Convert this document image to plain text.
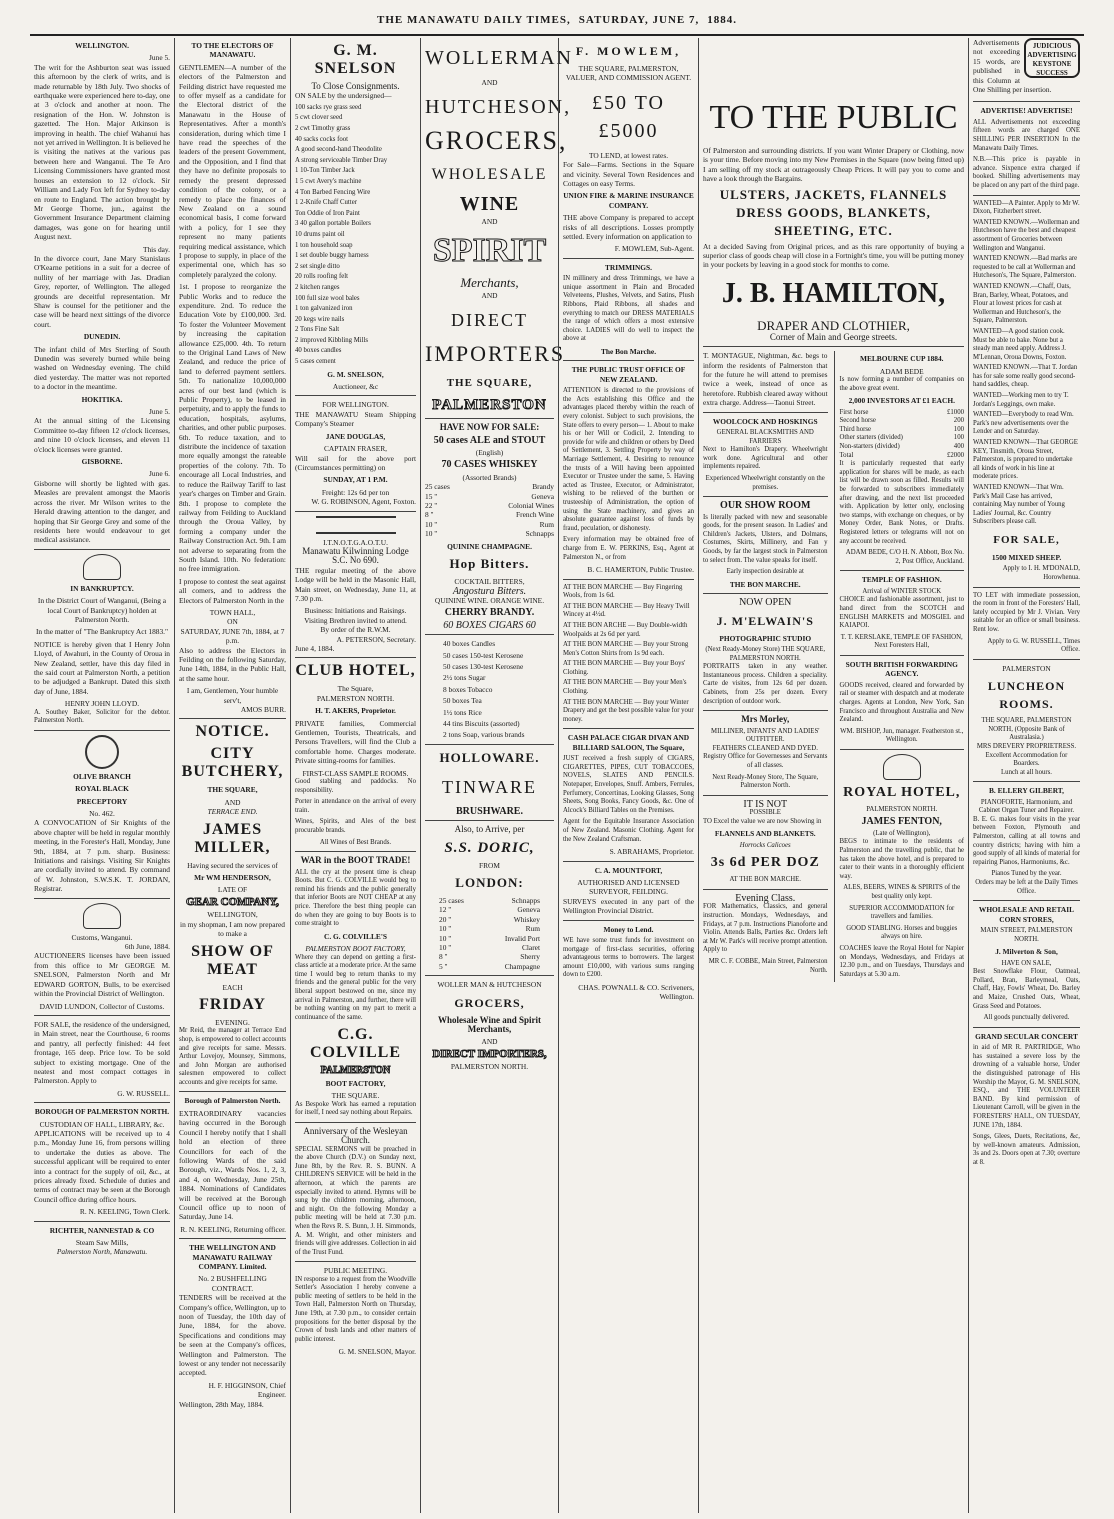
THE MANAWATU DAILY TIMES, SATURDAY, JUNE 7, 1884.
WELLINGTON.
June 5.

The writ for the Ashburton seat was issued this afternoon by the clerk of writs, and is made returnable by 18th July. Two shocks of earthquake were experienced here to-day, one at 3 o'clock and another at noon. The resignation of the Hon. W. Johnston is gazetted. The Hon. Major Atkinson is improving in health. The chief Wahanui has not yet arrived in Wellington. It is believed he is visiting the natives at the various pas between here and Wanganui. The Te Aro Licensing Commissioners have granted most houses an extension to 12 o'clock. Sir William and Lady Fox left for Sydney to-day en route to England. The action brought by Mr George Thorne, jun., against the Government Insurance Department claiming damages, was gone on for hearing until August next.

This day.

In the divorce court, Jane Mary Stanislaus O'Kearne petitions in a suit for a decree of nullity of her marriage with Jas. Dradian Grey, reporter, of Wellington. The alleged grounds are deceitful representation. Mr Shaw is counsel for the petitioner and the case will be heard next sittings of the divorce court.

DUNEDIN.

The infant child of Mrs Sterling of South Dunedin was severely burned while being washed on Wednesday evening. The child died yesterday. The matter was not reported to a doctor in the meantime.

HOKITIKA.
June 5.

At the annual sitting of the Licensing Committee to-day fifteen 12 o'clock licenses, and nine 10 o'clock licenses, and eleven 11 o'clock licenses were granted.

GISBORNE.
June 6.

Gisborne will shortly be lighted with gas. Measles are prevalent amongst the Maoris across the river. Mr Wilson writes to the Herald drawing attention to the danger, and hoping that Sir George Grey and some of the residents here would endeavour to get medical assistance.

IN BANKRUPTCY.

In the District Court of Wanganui, (Being a local Court of Bankruptcy) holden at Palmerston North.

In the matter of "The Bankruptcy Act 1883."

NOTICE is hereby given that I Henry John Lloyd, of Awahuri, in the County of Oroua in New Zealand, settler, have this day filed in the said court at Palmerston North, a petition to be adjudged a Bankrupt. Dated this sixth day of June, 1884.

HENRY JOHN LLOYD.

A. Southey Baker, Solicitor for the debtor. Palmerston North.

OLIVE BRANCH
ROYAL BLACK
PRECEPTORY
No. 462.

A CONVOCATION of Sir Knights of the above chapter will be held in regular monthly meeting, in the Forester's Hall, Monday, June 9th, 1884, at 7 p.m. sharp. Business: Initiations and raisings. Visiting Sir Knights are cordially invited to attend. By command of W. Johnston, S.W.S.K. T. JORDAN, Registrar.

Customs, Wanganui.
6th June, 1884.

AUCTIONEERS licenses have been issued from this office to Mr GEORGE M. SNELSON, Palmerston North and Mr EDWARD GORTON, Bulls, to be exercised within the Provincial District of Wellington.

DAVID LUNDON, Collector of Customs.

FOR SALE, the residence of the undersigned, in Main street, near the Courthouse, 6 rooms and pantry, all perfectly finished: 44 feet frontage, 165 deep. Price low. To be sold subject to existing mortgage. One of the neatest and most compact cottages in Palmerston. Apply to

G. W. RUSSELL.
BOROUGH OF PALMERSTON NORTH.
CUSTODIAN OF HALL, LIBRARY, &c.

APPLICATIONS will be received up to 4 p.m., Monday June 16, from persons willing to undertake the duties as above. The successful applicant will be required to enter into a contract for the supply of oil, &c., at prices already fixed. Schedule of duties and terms of contract may be seen at the Borough Council office during office hours.

R. N. KEELING, Town Clerk.
RICHTER, NANNESTAD & CO
Steam Saw Mills,
Palmerston North, Manawatu.
TO THE ELECTORS OF MANAWATU.

GENTLEMEN—A number of the electors of the Palmerston and Feilding district have requested me to offer myself as a candidate for the Electoral district of the Manawatu in the House of Representatives. After a month's consideration, during which time I have read the speeches of the leaders of the present Government, and the Opposition, and I find that they have no definite proposals to remedy the present depressed condition of the colony, or a remedy to place the finances of New Zealand on a sound economical basis, I come forward with a policy, for I see they represent no many patients requiring medical assistance, which I propose to supply, in place of the experimental one, which has so completely paralyzed the colony.

1st. I propose to reorganize the Public Works and to reduce the expenditure. 2nd. To reduce the Education Vote by £100,000. 3rd. To foster the Volunteer Movement by increasing the capitation allowance £25,000. 4th. To return to the Original Land Laws of New Zealand, and reduce the price of land to deferred payment settlers. 5th. To nationalize 10,000,000 acres of our best land (which is Public Property), to be leased in perpetuity, and to apply the funds to education, hospitals, asylums, charities, and other public purposes. 6th. To reduce taxation, and to distribute the incidence of taxation more equally amongst the rateable properties of the colony. 7th. To encourage all Local Industries, and to reduce the Railway Tariff to last year's charges on Timber and Grain. 8th. I propose to complete the railway from Feilding to Auckland through the Oroua Valley, by forming a company under the Railway Construction Act. 9th. I am not adverse to separating from the South Island. 10th. No federation: no free immigration.

I propose to contest the seat against all comers, and to address the Electors of Palmerston North in the

TOWN HALL,
ON
SATURDAY, JUNE 7th, 1884, at 7 p.m.

Also to address the Electors in Feilding on the following Saturday, June 14th, 1884, in the Public Hall, at the same hour.

I am, Gentlemen, Your humble serv't,
AMOS BURR.
NOTICE.
CITY BUTCHERY,
THE SQUARE,
AND
TERRACE END.
JAMES MILLER,
Having secured the services of
Mr WM HENDERSON,
LATE OF
GEAR COMPANY,
WELLINGTON,
in my shopman, I am now prepared to make a
SHOW OF MEAT
EACH
FRIDAY
EVENING.

Mr Reid, the manager at Terrace End shop, is empowered to collect accounts and give receipts for same. Messrs. Arthur Lovejoy, Mounsey, Simmons, and John Morgan are authorised salesmen empowered to collect accounts and give receipts for same.

Borough of Palmerston North.

EXTRAORDINARY vacancies having occurred in the Borough Council I hereby notify that I shall hold an election of three Councillors for each of the following Wards of the said Borough, viz., Wards Nos. 1, 2, 3, and 4, on Wednesday, June 25th, 1884. Nominations of Candidates will be received at the Borough Council office up to noon of Saturday, June 14.

R. N. KEELING, Returning officer.
THE WELLINGTON AND MANAWATU RAILWAY COMPANY. Limited.
No. 2 BUSHFELLING CONTRACT.

TENDERS will be received at the Company's office, Wellington, up to noon of Tuesday, the 10th day of June, 1884, for the above. Specifications and conditions may be seen at the Company's offices, Wellington and Palmerston. The lowest or any tender not necessarily accepted.

H. F. HIGGINSON, Chief Engineer.
Wellington, 28th May, 1884.
G. M. SNELSON
To Close Consignments.

ON SALE by the undersigned—

100 sacks rye grass seed
5 cwt clover seed
2 cwt Timothy grass
40 sacks cocks foot
A good second-hand Theodolite
A strong serviceable Timber Dray
1 10-Ton Timber Jack
1 5 cwt Avery's machine
4 Ton Barbed Fencing Wire
1 2-Knife Chaff Cutter
Ton Oddie of Iron Paint
3 40 gallon portable Boilers
10 drums paint oil
1 ton household soap
1 set double buggy harness
2 set single ditto
20 rolls roofing felt
2 kitchen ranges
100 full size wool bales
1 ton galvanized iron
20 kegs wire nails
2 Tons Fine Salt
2 improved Kibbling Mills
40 boxes candles
5 cases cement
G. M. SNELSON,
Auctioneer, &c
FOR WELLINGTON.

THE MANAWATU Steam Shipping Company's Steamer

JANE DOUGLAS,
CAPTAIN FRASER,

Will sail for the above port (Circumstances permitting) on

SUNDAY, AT 1 P.M.
Freight: 12s 6d per ton
W. G. ROBINSON, Agent, Foxton.
I.T.N.O.T.G.A.O.T.U.
Manawatu Kilwinning Lodge S.C. No 690.

THE regular meeting of the above Lodge will be held in the Masonic Hall, Main street, on Wednesday, June 11, at 7.30 p.m.

Business: Initiations and Raisings.
Visiting Brethren invited to attend.
By order of the R.W.M.
A. PETERSON, Secretary.
June 4, 1884.
CLUB HOTEL,
The Square,
PALMERSTON NORTH.
H. T. AKERS, Proprietor.

PRIVATE families, Commercial Gentlemen, Tourists, Theatricals, and Persons Travellers, will find the Club a comfortable home. Charges moderate. Private sitting-rooms for families.

FIRST-CLASS SAMPLE ROOMS.

Good stabling and paddocks. No responsibility.

Porter in attendance on the arrival of every train.

Wines, Spirits, and Ales of the best procurable brands.

All Wines of Best Brands.
WAR in the BOOT TRADE!

ALL the cry at the present time is cheap Boots. But C. G. COLVILLE would beg to remind his friends and the public generally that inferior Boots are NOT CHEAP at any price. Therefore the best thing people can do when they are going to buy Boots is to come straight to

C. G. COLVILLE'S
PALMERSTON BOOT FACTORY,

Where they can depend on getting a first-class article at a moderate price. At the same time I would beg to return thanks to my friends and the general public for the very liberal support bestowed on me, since my arrival in Palmerston, and further, there will be nothing wanting on my part to merit a continuance of the same.

C.G. COLVILLE
PALMERSTON
BOOT FACTORY,
THE SQUARE.

As Bespoke Work has earned a reputation for itself, I need say nothing about Repairs.

Anniversary of the Wesleyan Church.

SPECIAL SERMONS will be preached in the above Church (D.V.) on Sunday next, June 8th, by the Rev. R. S. BUNN. A CHILDREN'S SERVICE will be held in the afternoon, at which the parents are especially invited to attend. Hymns will be sung by the children morning, afternoon, and night. On the following Monday a public meeting will be held at 7.30 p.m. when the Revs R. S. Bunn, J. H. Simmonds, A. M. Wright, and other ministers and friends will give addresses. Collection in aid of the Trust Fund.

PUBLIC MEETING.

IN response to a request from the Woodville Settler's Association I hereby convene a public meeting of settlers to be held in the Town Hall, Palmerston North on Thursday, June 19th, at 7.30 p.m., to consider certain propositions for the better disposal by the Crown of bush lands and other matters of public interest.

G. M. SNELSON, Mayor.
WOLLERMAN
AND
HUTCHESON,
GROCERS,
WHOLESALE
WINE
AND
SPIRIT
Merchants,
AND
DIRECT
IMPORTERS
THE SQUARE,
PALMERSTON
HAVE NOW FOR SALE:
50 cases ALE and STOUT
(English)
70 CASES WHISKEY
(Assorted Brands)
25 cases	Brandy
15 "	Geneva
22 "	Colonial Wines
8 "	French Wine
10 "	Rum
10 "	Schnapps
QUININE CHAMPAGNE.
Hop Bitters.
COCKTAIL BITTERS,
Angostura Bitters.
QUININE WINE. ORANGE WINE.
CHERRY BRANDY.
60 BOXES CIGARS 60
40 boxes Candles
50 cases 150-test Kerosene
50 cases 130-test Kerosene
2½ tons Sugar
8 boxes Tobacco
50 boxes Tea
1½ tons Rice
44 tins Biscuits (assorted)
2 tons Soap, various brands
HOLLOWARE.
TINWARE
BRUSHWARE.
Also, to Arrive, per
S.S. DORIC,
FROM
LONDON:
25 cases	Schnapps
12 "	Geneva
20 "	Whiskey
10 "	Rum
10 "	Invalid Port
10 "	Claret
8 "	Sherry
5 "	Champagne
WOLLER MAN & HUTCHESON
GROCERS,
Wholesale Wine and Spirit Merchants,
AND
DIRECT IMPORTERS,
PALMERSTON NORTH.
F. MOWLEM,
THE SQUARE, PALMERSTON,
VALUER, AND COMMISSION AGENT.
£50 TO £5000
TO LEND, at lowest rates.

For Sale—Farms. Sections in the Square and vicinity. Several Town Residences and Cottages on easy Terms.

UNION FIRE & MARINE INSURANCE COMPANY.

THE above Company is prepared to accept risks of all descriptions. Losses promptly settled. Every information on application to

F. MOWLEM, Sub-Agent.
TRIMMINGS.

IN millinery and dress Trimmings, we have a unique assortment in Plain and Brocaded Velveteens, Plushes, Velvets, and Satins, Plush Ribbons, Plaid Ribbons, all shades and everything to match our DRESS MATERIALS the range of which offers a most extensive choice. LADIES will do well to inspect the above at

The Bon Marche.
THE PUBLIC TRUST OFFICE OF NEW ZEALAND.

ATTENTION is directed to the provisions of the Acts establishing this Office and the advantages placed thereby within the reach of every colonist. Subject to such provisions, the State offers to every person— 1. About to make his or her Will or Codicil, 2. Intending to provide for wife and children or others by Deed of Settlement, 3. Settling Property by way of Marriage Settlement, 4. Desiring to renounce the trusts of a Will having been appointed Executor or Trustee under the same, 5. Having acted as Trustee, Executor, or Administrator, wishing to be relieved of the burthen or trusteeship of Administration, the option of using the State machinery, and gives an absolute guarantee against loss of funds by fraud, peculation, or dishonesty.

Every information may be obtained free of charge from E. W. PERKINS, Esq., Agent at Palmerston N., or from

B. C. HAMERTON, Public Trustee.
AT THE BON MARCHE — Buy Fingering Wools, from 1s 6d.
AT THE BON MARCHE — Buy Heavy Twill Wincey at 4½d.
AT THE BON ARCHE — Buy Double-width Woolpaids at 2s 6d per yard.
AT THE BON MARCHE — Buy your Strong Men's Cotton Shirts from 1s 9d each.
AT THE BON MARCHE — Buy your Boys' Clothing.
AT THE BON MARCHE — Buy your Men's Clothing.
AT THE BON MARCHE — Buy your Winter Drapery and get the best possible value for your money.
CASH PALACE CIGAR DIVAN AND BILLIARD SALOON, The Square,

JUST received a fresh supply of CIGARS, CIGARETTES, PIPES, CUT TOBACCOES, NOVELS, SLATES AND PENCILS. Notepaper, Envelopes, Snuff. Ambers, Ferrules, Perfumery, Concertinas, Looking Glasses, Song Sheets, Song Books, Fancy Goods, &c. One of Alcock's Billiard Tables on the Premises.

Agent for the Equitable Insurance Association of New Zealand. Masonic Clothing. Agent for the New Zealand Craftsman.

S. ABRAHAMS, Proprietor.
C. A. MOUNTFORT,
AUTHORISED AND LICENSED SURVEYOR, FEILDING.

SURVEYS executed in any part of the Wellington Provincial District.

Money to Lend.

WE have some trust funds for investment on mortgage of first-class securities, offering advantageous terms to borrowers. The largest amount £10,000, with various sums ranging down to £200.

CHAS. POWNALL & CO. Scriveners, Wellington.
TO THE PUBLIC

Of Palmerston and surrounding districts. If you want Winter Drapery or Clothing, now is your time. Before moving into my New Premises in the Square (now being fitted up) I am selling off my stock at outrageously Cheap Prices. It will pay you to come and have a look through the Bargains.

ULSTERS, JACKETS, FLANNELS
DRESS GOODS, BLANKETS,
SHEETING, ETC.

At a decided Saving from Original prices, and as this rare opportunity of buying a superior class of goods cheap will close in a Fortnight's time, you will be putting money in your pockets by leaving in a good stock for months to come.

J. B. HAMILTON,
DRAPER AND CLOTHIER,
Corner of Main and George streets.

T. MONTAGUE, Nightman, &c. begs to inform the residents of Palmerston that for the future he will attend to premises twice a week, instead of once as heretofore. Rubbish cleared away without extra charge. Address—Taonui Street.

WOOLCOCK AND HOSKINGS
GENERAL BLACKSMITHS AND FARRIERS

Next to Hamilton's Drapery. Wheelwright work done. Agricultural and other implements repaired.

Experienced Wheelwright constantly on the premises.

OUR SHOW ROOM

Is literally packed with new and seasonable goods, for the present season. In Ladies' and Children's Jackets, Ulsters, and Dolmans, Costumes, Skirts, Millinery, and Fan y Goods, by far the largest stock in Palmerston to select from. The value speaks for itself.

Early inspection desirable at
THE BON MARCHE.
NOW OPEN
J. M'ELWAIN'S
PHOTOGRAPHIC STUDIO
(Next Ready-Money Store) THE SQUARE, PALMERSTON NORTH.

PORTRAITS taken in any weather. Instantaneous process. Children a speciality. Carte de visites, from 12s 6d per dozen. Cabinets, from 25s per dozen. Every description of outdoor work.

Mrs Morley,
MILLINER, INFANTS' AND LADIES' OUTFITTER.
FEATHERS CLEANED AND DYED.

Registry Office for Governesses and Servants of all classes.

Next Ready-Money Store, The Square, Palmerston North.

IT IS NOT
POSSIBLE

TO Excel the value we are now Showing in

FLANNELS AND BLANKETS.
Horrocks Calicoes
3s 6d PER DOZ
AT THE BON MARCHE.
Evening Class.

FOR Mathematics, Classics, and general instruction. Mondays, Wednesdays, and Fridays, at 7 p.m. Instructions Pianoforte and Violin. Attends Balls, Parties &c. Orders left at Mr W. Park's will receive prompt attention. Apply to

MR C. F. COBBE, Main Street, Palmerston North.
MELBOURNE CUP 1884.
ADAM BEDE

Is now forming a number of companies on the above great event.

2,000 INVESTORS AT £1 EACH.
First horse	£1000
Second horse	200
Third horse	100
Other starters (divided)	100
Non-starters (divided)	400
Total	£2000

It is particularly requested that early application for shares will be made, as each list will be drawn soon as filled. Results will be forwarded to subscribers immediately after drawing, and the next list proceeded with. Application by letter only, enclosing two stamps, with exchange on cheques, or by Money Order, Bank Notes, or Drafts. Registered letters or telegrams will not on any account be received.

ADAM BEDE, C/O H. N. Abbott, Box No. 2, Post Office, Auckland.
TEMPLE OF FASHION.
Arrival of WINTER STOCK

CHOICE and fashionable assortment, just to hand direct from the SCOTCH and ENGLISH MARKETS and MOSGIEL and KAIAPOI.

T. T. KERSLAKE, TEMPLE OF FASHION, Next Foresters Hall,
SOUTH BRITISH FORWARDING AGENCY.

GOODS received, cleared and forwarded by rail or steamer with despatch and at moderate charges. Agents at London, New York, San Francisco and throughout Australia and New Zealand.

WM. BISHOP, Jun, manager. Featherston st., Wellington.
ROYAL HOTEL,
PALMERSTON NORTH.
JAMES FENTON,
(Late of Wellington),

BEGS to intimate to the residents of Palmerston and the travelling public, that he has taken the above hotel, and is prepared to cater to their wants in a thoroughly efficient way.

ALES, BEERS, WINES & SPIRITS of the best quality only kept.

SUPERIOR ACCOMMODATION for travellers and families.

GOOD STABLING. Horses and buggies always on hire.

COACHES leave the Royal Hotel for Napier on Mondays, Wednesdays, and Fridays at 12.30 p.m., and on Tuesdays, Thursdays and Saturdays at 5.30 a.m.

JUDICIOUS
ADVERTISING
KEYSTONE
SUCCESS

Advertisements not exceeding 15 words, are published in this Column at One Shilling per insertion.

ADVERTISE! ADVERTISE!

ALL Advertisements not exceeding fifteen words are charged ONE SHILLING PER INSERTION In the Manawatu Daily Times.

N.B.—This price is payable in advance. Sixpence extra charged if booked. Shilling advertisements may be placed on any part of the third page.

WANTED—A Painter. Apply to Mr W. Dixon, Fitzherbert street.
WANTED KNOWN.—Wollerman and Hutcheson have the best and cheapest assortment of Groceries between Wellington and Wanganui.
WANTED KNOWN.—Bad marks are requested to be call at Wollerman and Hutcheson's, The Square, Palmerston.
WANTED KNOWN.—Chaff, Oats, Bran, Barley, Wheat, Potatoes, and Flour at lowest prices for cash at Wollerman and Hutcheson's, the Square, Palmerston.
WANTED—A good station cook. Must be able to bake. None but a steady man need apply. Address J. M'Lennan, Oroua Downs, Foxton.
WANTED KNOWN.—That T. Jordan has for sale some really good second-hand saddles, cheap.
WANTED—Working men to try T. Jordan's Leggings, own make.
WANTED—Everybody to read Wm. Park's new advertisements over the Lender and on Saturday.
WANTED KNOWN—That GEORGE KEY, Tinsmith, Oroua Street, Palmerston, is prepared to undertake all kinds of work in his line at moderate prices.
WANTED KNOWN—That Wm. Park's Mail Case has arrived, containing May number of Young Ladies' Journal, &c. Country Subscribers please call.
FOR SALE,
1500 MIXED SHEEP.
Apply to I. H. M'DONALD, Horowhenua.

TO LET with immediate possession, the room in front of the Foresters' Hall, lately occupied by Mr J. Vivian. Very suitable for an office or small business. Rent low.

Apply to G. W. RUSSELL, Times Office.
PALMERSTON
LUNCHEON ROOMS.
THE SQUARE, PALMERSTON NORTH, (Opposite Bank of Australasia.)
MRS DREVERY PROPRIETRESS.
Excellent Accommodation for Boarders.
Lunch at all hours.
B. ELLERY GILBERT,
PIANOFORTE, Harmonium, and Cabinet Organ Tuner and Repairer.

B. E. G. makes four visits in the year between Foxton, Plymouth and Palmerston, calling at all towns and country districts; having with him a good supply of all kinds of material for repairing Pianos, Harmoniums, &c.

Pianos Tuned by the year.
Orders may be left at the Daily Times Office.
WHOLESALE AND RETAIL CORN STORES,
MAIN STREET, PALMERSTON NORTH.
J. Milverton & Son,
HAVE ON SALE,

Best Snowflake Flour, Oatmeal, Pollard, Bran, Barleymeal, Oats, Chaff, Hay, Fowls' Wheat, Do. Barley and Maize, Crushed Oats, Wheat, Grass Seed and Potatoes.

All goods punctually delivered.
GRAND SECULAR CONCERT

in aid of MR R. PARTRIDGE, Who has sustained a severe loss by the drowning of a valuable horse, Under the distinguished patronage of His Worship the Mayor, G. M. SNELSON, ESQ., and THE VOLUNTEER BAND. By kind permission of Lieutenant Carroll, will be given in the FORESTERS' HALL, ON TUESDAY, JUNE 17th, 1884.

Songs, Glees, Duets, Recitations, &c, by well-known amateurs. Admission, 3s and 2s. Doors open at 7.30; overture at 8.
